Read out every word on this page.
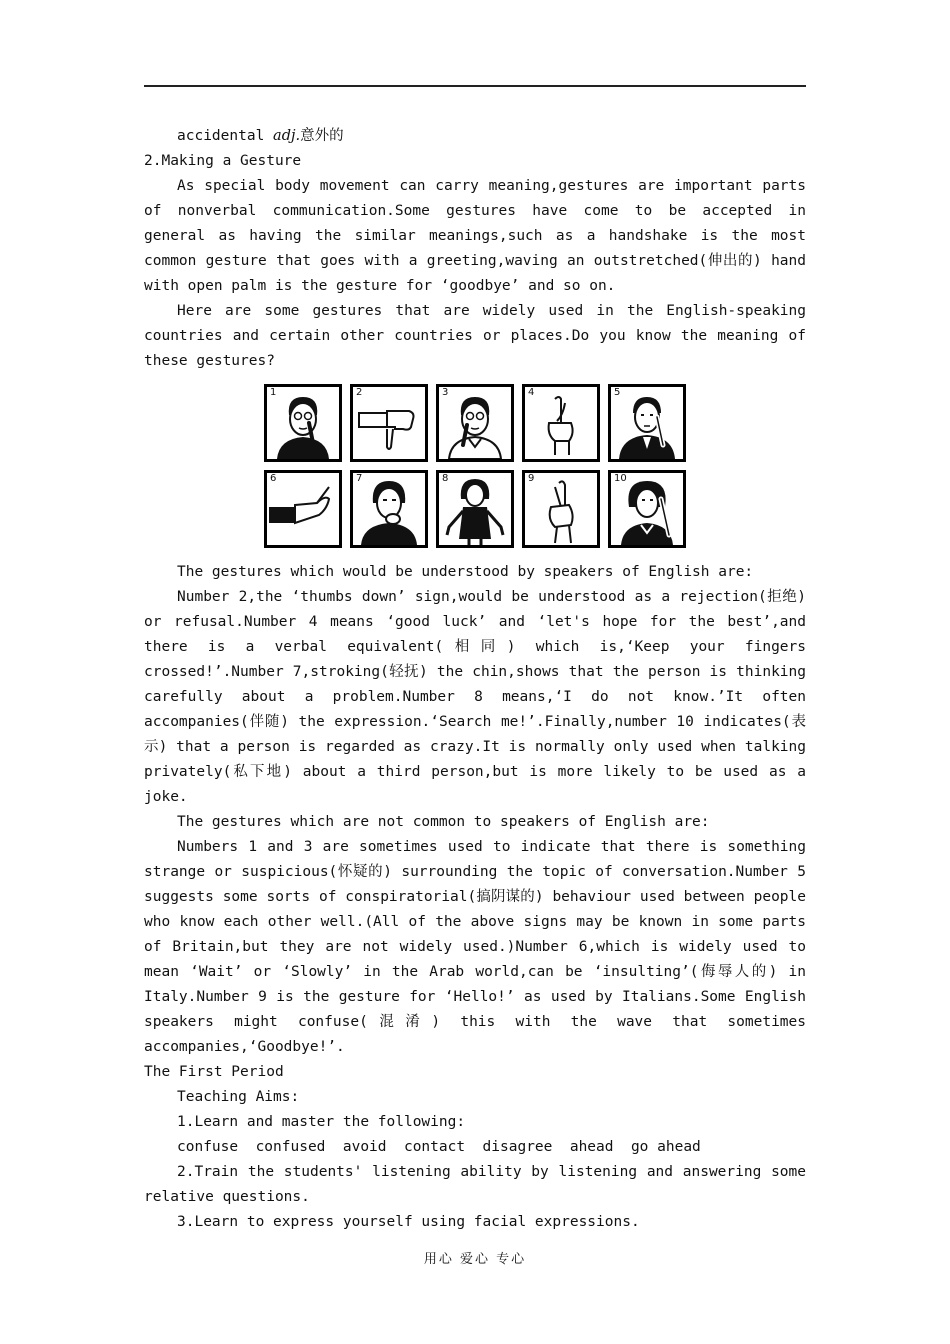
accidental adj.意外的

2.Making a Gesture

As special body movement can carry meaning,gestures are important parts of nonverbal communication.Some gestures have come to be accepted in general as having the similar meanings,such as a handshake is the most common gesture that goes with a greeting,waving an outstretched(伸出的) hand with open palm is the gesture for ‘goodbye’ and so on.

Here are some gestures that are widely used in the English-speaking countries and certain other countries or places.Do you know the meaning of these gestures?

1	2	3	4	5
6	7	8	9	10

The gestures which would be understood by speakers of English are:

Number 2,the ‘thumbs down’ sign,would be understood as a rejection(拒绝) or refusal.Number 4 means ‘good luck’ and ‘let's hope for the best’,and there is a verbal equivalent(相同) which is,‘Keep your fingers crossed!’.Number 7,stroking(轻抚) the chin,shows that the person is thinking carefully about a problem.Number 8 means,‘I do not know.’It often accompanies(伴随) the expression.‘Search me!’.Finally,number 10 indicates(表示) that a person is regarded as crazy.It is normally only used when talking privately(私下地) about a third person,but is more likely to be used as a joke.

The gestures which are not common to speakers of English are:

Numbers 1 and 3 are sometimes used to indicate that there is something strange or suspicious(怀疑的) surrounding the topic of conversation.Number 5 suggests some sorts of conspiratorial(搞阴谋的) behaviour used between people who know each other well.(All of the above signs may be known in some parts of Britain,but they are not widely used.)Number 6,which is widely used to mean ‘Wait’ or ‘Slowly’ in the Arab world,can be ‘insulting’(侮辱人的) in Italy.Number 9 is the gesture for ‘Hello!’ as used by Italians.Some English speakers might confuse(混淆) this with the wave that sometimes accompanies,‘Goodbye!’.

The First Period

Teaching Aims:

1.Learn and master the following:

confuse  confused  avoid  contact  disagree  ahead  go ahead

2.Train the students' listening ability by listening and answering some relative questions.

3.Learn to express yourself using facial expressions.

用心 爱心 专心
